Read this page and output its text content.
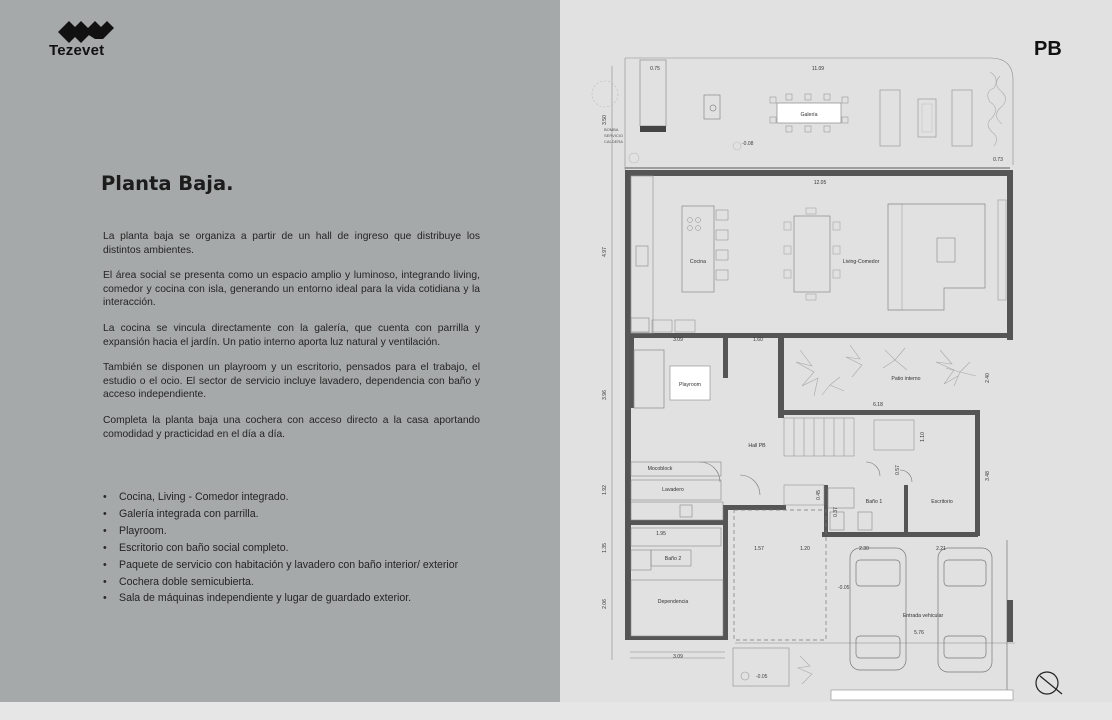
Tezevet
Planta Baja.

La planta baja se organiza a partir de un hall de ingreso que distribuye los distintos ambientes.

El área social se presenta como un espacio amplio y luminoso, integrando living, comedor y cocina con isla, generando un entorno ideal para la vida cotidiana y la interacción.

La cocina se vincula directamente con la galería, que cuenta con parrilla y expansión hacia el jardín. Un patio interno aporta luz natural y ventilación.

También se disponen un playroom y un escritorio, pensados para el trabajo, el estudio o el ocio. El sector de servicio incluye lavadero, dependencia con baño y acceso independiente.

Completa la planta baja una cochera con acceso directo a la casa aportando comodidad y practicidad en el día a día.

• Cocina, Living - Comedor integrado.
• Galería integrada con parrilla.
• Playroom.
• Escritorio con baño social completo.
• Paquete de servicio con habitación y lavadero con baño interior/ exterior
• Cochera doble semicubierta.
• Sala de máquinas independiente y lugar de guardado exterior.
PB
Galería
Cocina	Living-Comedor
Playroom
Patio interno
Hall PB
Mocoblock
Lavadero
Baño 2
Dependencia
Baño 1	Escritorio
Entrada vehicular
0.75	11.09
0.73
12.05
3.09	1.60
6.18
1.95
1.57	1.20	2.30	2.21
5.76
3.09
3.50
4.97
3.96
1.92
1.35
2.06
2.40
1.10
0.57
0.45
0.37
3.48
-0.08
-0.05
-0.05
BOMBA
SERVICIO
CALDERA
